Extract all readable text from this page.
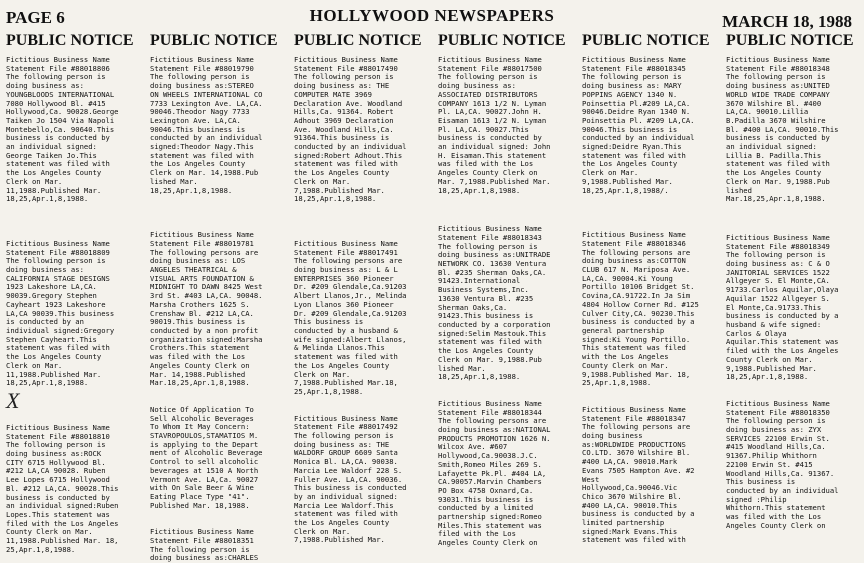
PAGE 6	HOLLYWOOD NEWSPAPERS	MARCH 18, 1988
X
PUBLIC NOTICE
Fictitious Business Name
Statement File #88018806
The following person is
doing business as:
YOUNGBLOODS INTERNATIONAL
7080 Hollywood Bl. #415
Hollywood,Ca. 90028.George
Taiken Jo 1504 Via Napoli
Montebello,Ca. 90640.This
business is conducted by
an individual signed:
George Taiken Jo.This
statement was filed with
the Los Angeles County
Clerk on Mar.
11,1988.Published Mar.
18,25,Apr.1,8,1988.
Fictitious Business Name
Statement File #88018809
The following person is
doing business as:
CALIFORNIA STAGE DESIGNS
1923 Lakeshore LA,CA.
90039.Gregory Stephen
Cayheart 1923 Lakeshore
LA,CA 90039.This business
is conducted by an
individual signed:Gregory
Stephen Cayheart.This
statement was filed with
the Los Angeles County
Clerk on Mar.
11,1988.Published Mar.
18,25,Apr.1,8,1988.
Fictitious Business Name
Statement File #88018810
The following person is
doing business as:ROCK
CITY 6715 Hollywood Bl.
#212 LA,CA 90028. Ruben
Lee Lopes 6715 Hollywood
Bl. #212 LA,CA. 90028.This
business is conducted by
an individual signed:Ruben
Lopes.This statement was
filed with the Los Angeles
County Clerk on Mar.
11,1988.Published Mar. 18,
25,Apr.1,8,1988.
PUBLIC NOTICE
Fictitious Business Name
Statement File #88019790
The following person is
doing business as:STEREO
ON WHEELS INTERNATIONAL CO
7733 Lexington Ave. LA,CA.
90046.Theodor Nagy 7733
Lexington Ave. LA,CA.
90046.This business is
conducted by an individual
signed:Theodor Nagy.This
statement was filed with
the Los Angeles County
Clerk on Mar. 14,1988.Pub
lished Mar.
18,25,Apr.1,8,1988.
Fictitious Business Name
Statement File #88019781
The following persons are
doing business as: LOS
ANGELES THEATRICAL &
VISUAL ARTS FOUNDATION &
MIDNIGHT TO DAWN 8425 West
3rd St. #403 LA,CA. 90048.
Marsha Crothers 1625 S.
Crenshaw Bl. #212 LA,CA.
90019.This business is
conducted by a non profit
organization signed:Marsha
Crothers.This statement
was filed with the Los
Angeles County Clerk on
Mar. 14,1988.Published
Mar.18,25,Apr.1,8,1988.
Notice Of Application To
Sell Alcoholic Beverages
To Whom It May Concern:
STAVROPOULOS,STAMATIOS M.
is applying to the Depart
ment of Alcoholic Beverage
Control to sell alcoholic
beverages at 1510 A North
Vermont Ave. LA,Ca. 90027
with On Sale Beer & Wine
Eating Place Type "41".
Published Mar. 18,1988.
Fictitious Business Name
Statement File #88018351
The following person is
doing business as:CHARLES
PUBLIC NOTICE
Fictitious Business Name
Statement File #88017490
The following person is
doing business as: THE
COMPUTER MATE 3969
Declaration Ave. Woodland
Hills,Ca. 91364. Robert
Adhout 3969 Declaration
Ave. Woodland Hills,Ca.
91364.This business is
conducted by an individual
signed:Robert Adhout.This
statement was filed with
the Los Angeles County
Clerk on Mar.
7,1988.Published Mar.
18,25,Apr.1,8,1988.
Fictitious Business Name
Statement File #88017491
The following persons are
doing business as: L & L
ENTERPRISES 360 Pioneer
Dr. #209 Glendale,Ca.91203
Albert Llanos,Jr., Melinda
Lyon Llanos 360 Pioneer
Dr. #209 Glendale,Ca.91203
This business is
conducted by a husband &
wife signed:Albert Llanos,
& Melinda Llanos.This
statement was filed with
the Los Angeles County
Clerk on Mar.
7,1988.Published Mar.18,
25,Apr.1,8,1988.
Fictitious Business Name
Statement File #88017492
The following person is
doing business as: THE
WALDORF GROUP 6609 Santa
Monica Bl. LA,CA. 90038.
Marcia Lee Waldorf 228 S.
Fuller Ave. LA,CA. 90036.
This business is conducted
by an individual signed:
Marcia Lee Waldorf.This
statement was filed with
the Los Angeles County
Clerk on Mar.
7,1988.Published Mar.
PUBLIC NOTICE
Fictitious Business Name
Statement File #88017500
The following person is
doing business as:
ASSOCIATED DISTRIBUTORS
COMPANY 1613 1/2 N. Lyman
Pl. LA,CA. 90027.John H.
Eisaman 1613 1/2 N. Lyman
Pl. LA,CA. 90027.This
business is conducted by
an individual signed: John
H. Eisaman.This statement
was filed with the Los
Angeles County Clerk on
Mar. 7,1988.Published Mar.
18,25,Apr.1,8,1988.
Fictitious Business Name
Statement File #88018343
The following person is
doing business as:UNITRADE
NETWORK CO. 13630 Ventura
Bl. #235 Sherman Oaks,CA.
91423.International
Business Systems,Inc.
13630 Ventura Bl. #235
Sherman Oaks,Ca.
91423.This business is
conducted by a corporation
signed:Selim Mastouk.This
statement was filed with
the Los Angeles County
Clerk on Mar. 9,1988.Pub
lished Mar.
18,25,Apr.1,8,1988.
Fictitious Business Name
Statement File #88018344
The following persons are
doing business as:NATIONAL
PRODUCTS PROMOTION 1626 N.
Wilcox Ave. #607
Hollywood,Ca.90038.J.C.
Smith,Romeo Miles 269 S.
Lafayette Pk.Pl. #404 LA,
CA.90057.Marvin Chambers
PO Box 4758 Oxnard,Ca.
93031.This business is
conducted by a limited
partnership signed:Romeo
Miles.This statement was
filed with the Los
Angeles County Clerk on
PUBLIC NOTICE
Fictitious Business Name
Statement File #88018345
The following person is
doing business as: MARY
POPPINS AGENCY 1340 N.
Poinsettia Pl.#209 LA,CA.
90046.Deidre Ryan 1340 N.
Poinsettia Pl. #209 LA,CA.
90046.This business is
conducted by an individual
signed:Deidre Ryan.This
statement was filed with
the Los Angeles County
Clerk on Mar.
9,1988.Published Mar.
18,25,Apr.1,8,1988/.
Fictitious Business Name
Statement File #88018346
The following persons are
doing business as:COTTON
CLUB 617 N. Mariposa Ave.
LA,CA. 90004.Ki Young
Portillo 10106 Bridget St.
Covina,CA.91722.In Ja Sim
4804 Hollow Corner Rd. #125
Culver City,CA. 90230.This
business is conducted by a
general partnership
signed:Ki Young Portillo.
This statement was filed
with the Los Angeles
County Clerk on Mar.
9,1988.Published Mar. 18,
25,Apr.1,8,1988.
Fictitious Business Name
Statement File #88018347
The following persons are
doing business
as:WORLDWIDE PRODUCTIONS
CO.LTD. 3670 Wilshire Bl.
#400 LA,CA. 90010.Mark
Evans 7505 Hampton Ave. #2
West
Hollywood,Ca.90046.Vic
Chico 3670 Wilshire Bl.
#400 LA,CA. 90010.This
business is conducted by a
limited partnership
signed:Mark Evans.This
statement was filed with
PUBLIC NOTICE
Fictitious Business Name
Statement File #88018348
The following person is
doing business as:UNITED
WORLD WIDE TRADE COMPANY
3670 Wilshire Bl. #400
LA,CA. 90010.Lillia
B.Padilla 3670 Wilshire
Bl. #400 LA,CA. 90010.This
business is conducted by
an individual signed:
Lillia B. Padilla.This
statement was filed with
the Los Angeles County
Clerk on Mar. 9,1988.Pub
lished
Mar.18,25,Apr.1,8,1988.
Fictitious Business Name
Statement File #88018349
The following person is
doing business as: C & O
JANITORIAL SERVICES 1522
Allgeyer S. El Monte,CA.
91733.Carlos Aquilar,Olaya
Aquilar 1522 Allgeyer S.
El Monte,Ca.91733.This
business is conducted by a
husband & wife signed:
Carlos & Olaya
Aquilar.This statement was
filed with the Los Angeles
County Clerk on Mar.
9,1988.Published Mar.
18,25,Apr.1,8,1988.
Fictitious Business Name
Statement File #88018350
The following person is
doing business as: ZYX
SERVICES 22100 Erwin St.
#415 Woodland Hills,Ca.
91367.Philip Whithorn
22100 Erwin St. #415
Woodland Hills,Ca. 91367.
This business is
conducted by an individual
signed :Philip
Whithorn.This statement
was filed with the Los
Angeles County Clerk on
